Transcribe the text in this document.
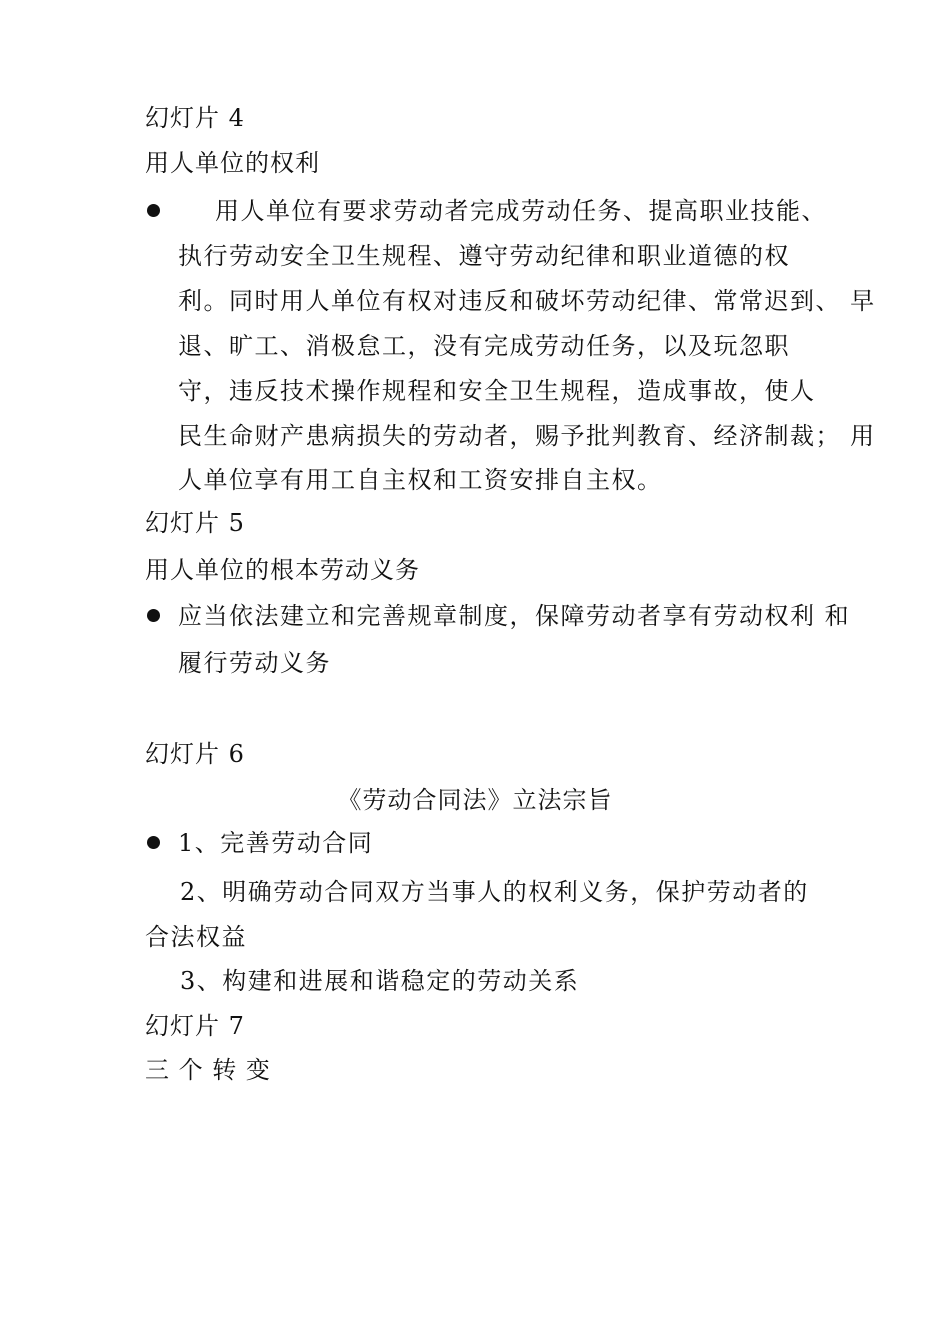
幻灯片 4
用人单位的权利
用人单位有要求劳动者完成劳动任务、提高职业技能、
执行劳动安全卫生规程、遵守劳动纪律和职业道德的权
利。同时用人单位有权对违反和破坏劳动纪律、常常迟到、 早
退、旷工、消极怠工，没有完成劳动任务，以及玩忽职
守，违反技术操作规程和安全卫生规程，造成事故，使人
民生命财产患病损失的劳动者，赐予批判教育、经济制裁； 用
人单位享有用工自主权和工资安排自主权。
幻灯片 5
用人单位的根本劳动义务
应当依法建立和完善规章制度，保障劳动者享有劳动权利 和
履行劳动义务
幻灯片 6
《劳动合同法》立法宗旨
1、完善劳动合同
2、明确劳动合同双方当事人的权利义务，保护劳动者的
合法权益
3、构建和进展和谐稳定的劳动关系
幻灯片 7
三 个 转 变
